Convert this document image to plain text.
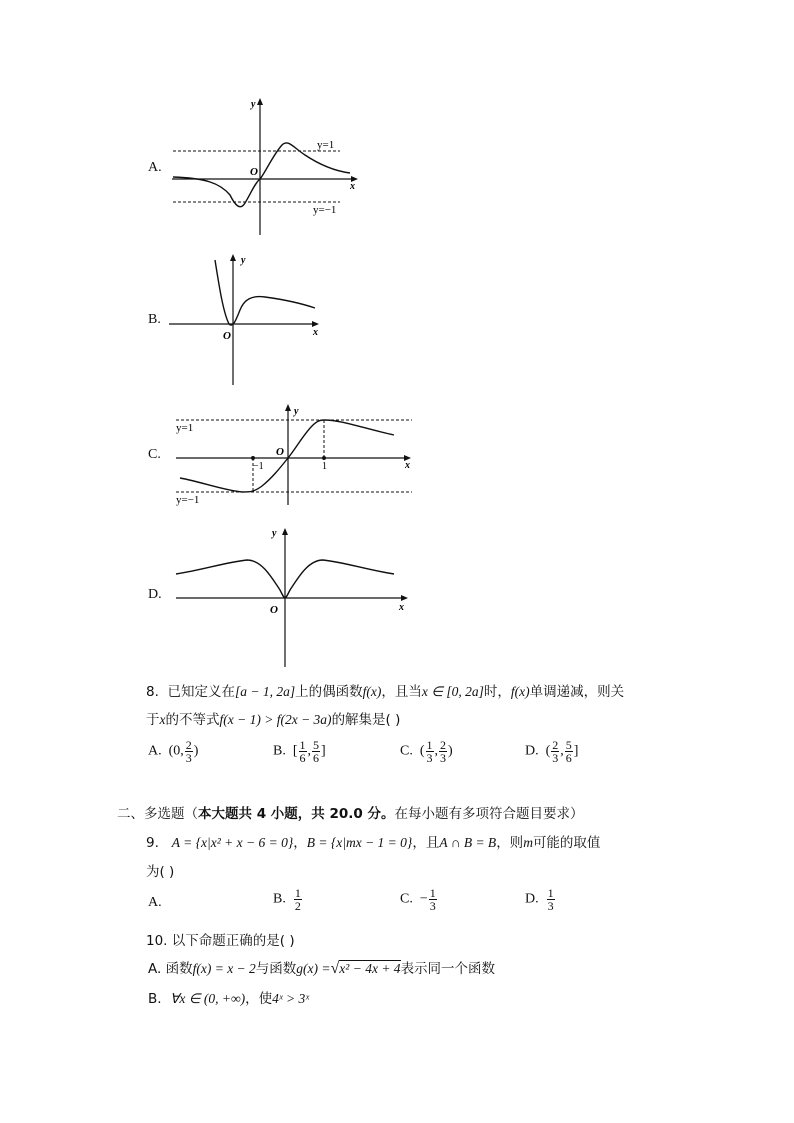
A.
y
O
x
y=1
y=−1
B.
y
O	x
C.
y
O
x
y=1
y=−1
−1	1
D.
y
O	x
8. 已知定义在[a − 1, 2a]上的偶函数f(x)，且当x ∈ [0, 2a]时，f(x)单调递减，则关
于x的不等式f(x − 1) > f(2x − 3a)的解集是( )
A. (0, $\frac{2}{3}$ )	B. [ $\frac{1}{6}$ , $\frac{5}{6}$ ]	C. ( $\frac{1}{3}$ , $\frac{2}{3}$ )	D. ( $\frac{2}{3}$ , $\frac{5}{6}$ ]
二、多选题（本大题共 4 小题，共 20.0 分。在每小题有多项符合题目要求）
9. A = {x|x² + x − 6 = 0}，B = {x|mx − 1 = 0}，且A ∩ B = B，则m可能的取值
为( )
A.	B. $\frac{1}{2}$	C. − $\frac{1}{3}$	D. $\frac{1}{3}$
10. 以下命题正确的是( )
A. 函数f(x) = x − 2与函数g(x) =√x² − 4x + 4表示同一个函数
B. ∀x ∈ (0, +∞)，使4ˣ > 3ˣ
